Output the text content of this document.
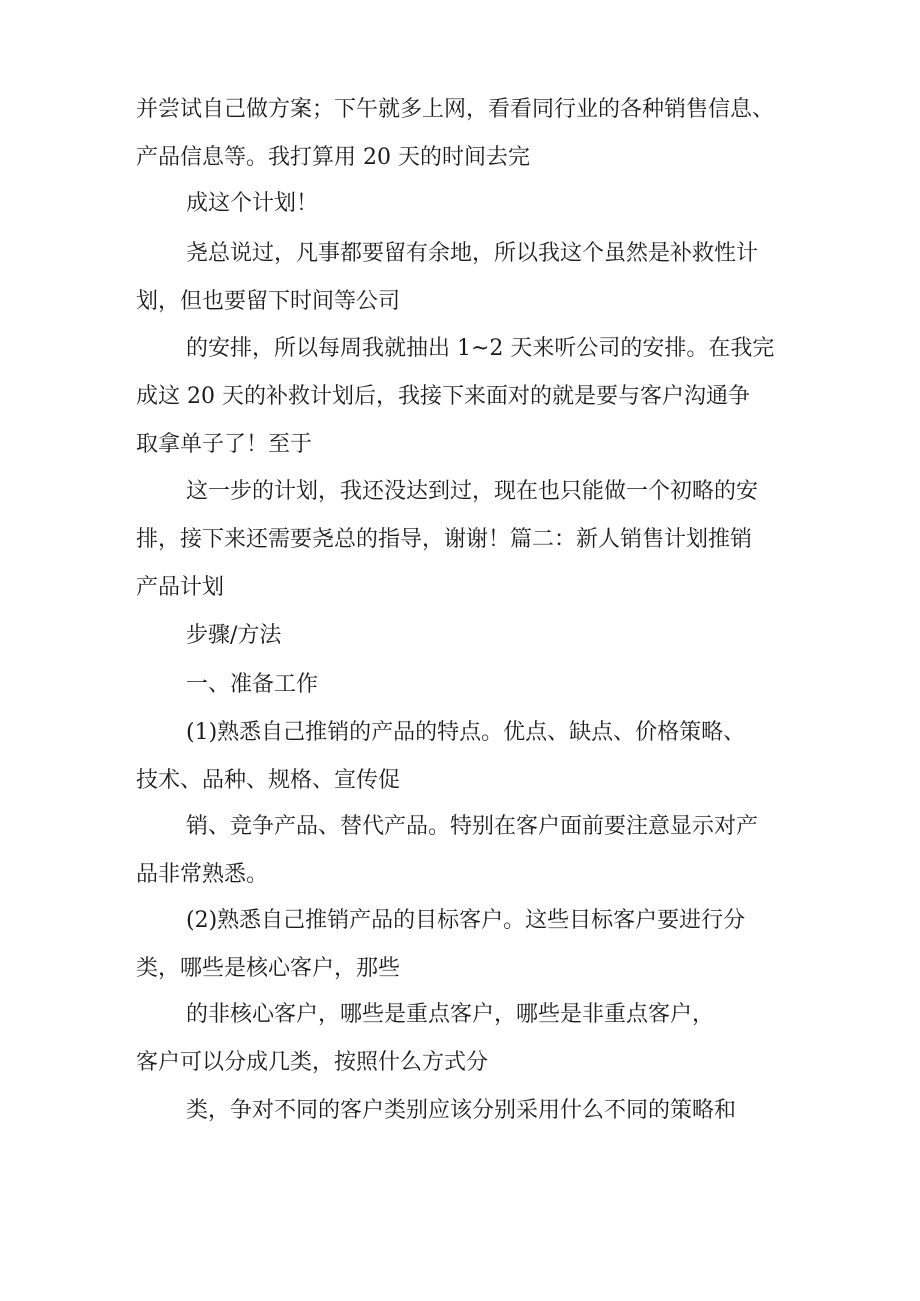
并尝试自己做方案；下午就多上网，看看同行业的各种销售信息、
产品信息等。我打算用 20 天的时间去完

成这个计划！

尧总说过，凡事都要留有余地，所以我这个虽然是补救性计
划，但也要留下时间等公司

的安排，所以每周我就抽出 1~2 天来听公司的安排。在我完
成这 20 天的补救计划后，我接下来面对的就是要与客户沟通争
取拿单子了！至于

这一步的计划，我还没达到过，现在也只能做一个初略的安
排，接下来还需要尧总的指导，谢谢！篇二：新人销售计划推销
产品计划

步骤/方法

一、准备工作

(1)熟悉自己推销的产品的特点。优点、缺点、价格策略、
技术、品种、规格、宣传促

销、竞争产品、替代产品。特别在客户面前要注意显示对产
品非常熟悉。

(2)熟悉自己推销产品的目标客户。这些目标客户要进行分
类，哪些是核心客户，那些

的非核心客户，哪些是重点客户，哪些是非重点客户，
客户可以分成几类，按照什么方式分

类，争对不同的客户类别应该分别采用什么不同的策略和
